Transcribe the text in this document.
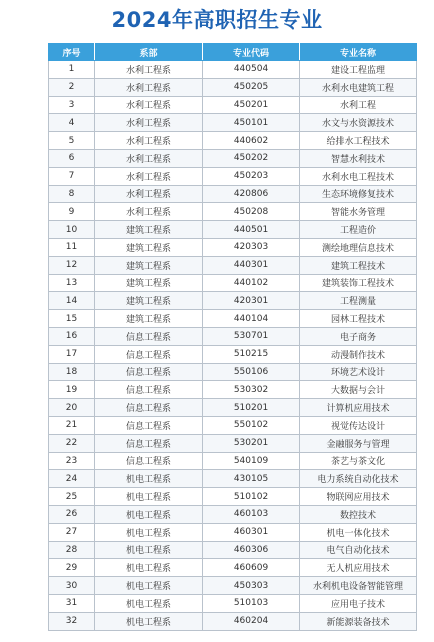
2024年高职招生专业
序号	系部	专业代码	专业名称
1	水利工程系	440504	建设工程监理
2	水利工程系	450205	水利水电建筑工程
3	水利工程系	450201	水利工程
4	水利工程系	450101	水文与水资源技术
5	水利工程系	440602	给排水工程技术
6	水利工程系	450202	智慧水利技术
7	水利工程系	450203	水利水电工程技术
8	水利工程系	420806	生态环境修复技术
9	水利工程系	450208	智能水务管理
10	建筑工程系	440501	工程造价
11	建筑工程系	420303	测绘地理信息技术
12	建筑工程系	440301	建筑工程技术
13	建筑工程系	440102	建筑装饰工程技术
14	建筑工程系	420301	工程测量
15	建筑工程系	440104	园林工程技术
16	信息工程系	530701	电子商务
17	信息工程系	510215	动漫制作技术
18	信息工程系	550106	环境艺术设计
19	信息工程系	530302	大数据与会计
20	信息工程系	510201	计算机应用技术
21	信息工程系	550102	视觉传达设计
22	信息工程系	530201	金融服务与管理
23	信息工程系	540109	茶艺与茶文化
24	机电工程系	430105	电力系统自动化技术
25	机电工程系	510102	物联网应用技术
26	机电工程系	460103	数控技术
27	机电工程系	460301	机电一体化技术
28	机电工程系	460306	电气自动化技术
29	机电工程系	460609	无人机应用技术
30	机电工程系	450303	水利机电设备智能管理
31	机电工程系	510103	应用电子技术
32	机电工程系	460204	新能源装备技术
